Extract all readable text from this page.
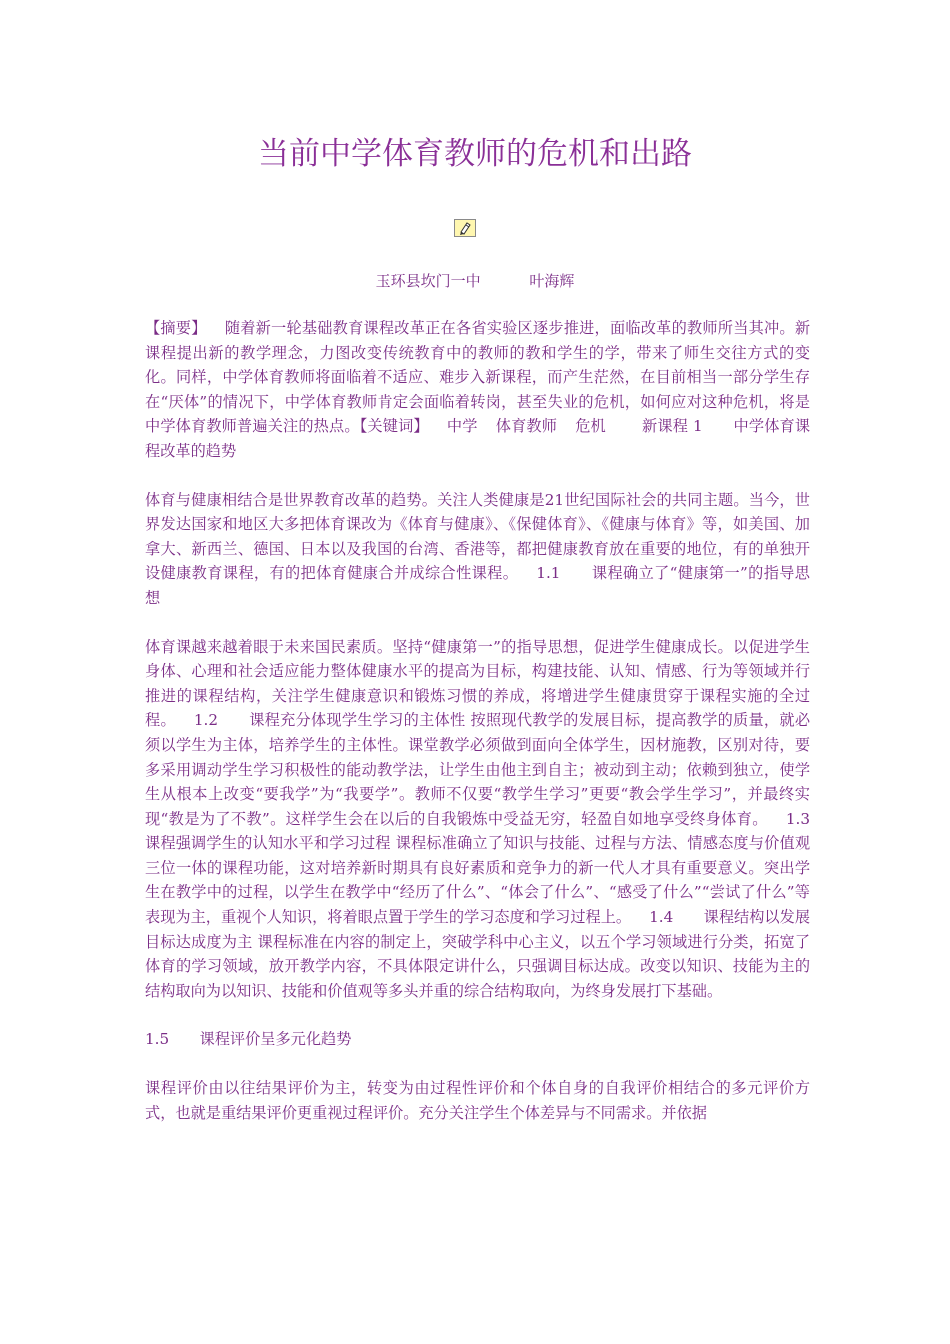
当前中学体育教师的危机和出路
玉环县坎门一中	叶海辉

【摘要】 随着新一轮基础教育课程改革正在各省实验区逐步推进，面临改革的教师所当其冲。新课程提出新的教学理念，力图改变传统教育中的教师的教和学生的学，带来了师生交往方式的变化。同样，中学体育教师将面临着不适应、难步入新课程，而产生茫然，在目前相当一部分学生存在“厌体”的情况下，中学体育教师肯定会面临着转岗，甚至失业的危机，如何应对这种危机，将是中学体育教师普遍关注的热点。【关键词】 中学 体育教师 危机 新课程 1　　中学体育课程改革的趋势

体育与健康相结合是世界教育改革的趋势。关注人类健康是21世纪国际社会的共同主题。当今，世界发达国家和地区大多把体育课改为《体育与健康》、《保健体育》、《健康与体育》等，如美国、加拿大、新西兰、德国、日本以及我国的台湾、香港等，都把健康教育放在重要的地位，有的单独开设健康教育课程，有的把体育健康合并成综合性课程。 1.1　　课程确立了“健康第一”的指导思想

体育课越来越着眼于未来国民素质。坚持“健康第一”的指导思想，促进学生健康成长。以促进学生身体、心理和社会适应能力整体健康水平的提高为目标，构建技能、认知、情感、行为等领域并行推进的课程结构，关注学生健康意识和锻炼习惯的养成，将增进学生健康贯穿于课程实施的全过程。 1.2　　课程充分体现学生学习的主体性 按照现代教学的发展目标，提高教学的质量，就必须以学生为主体，培养学生的主体性。课堂教学必须做到面向全体学生，因材施教，区别对待，要多采用调动学生学习积极性的能动教学法，让学生由他主到自主；被动到主动；依赖到独立，使学生从根本上改变“要我学”为“我要学”。教师不仅要“教学生学习”更要“教会学生学习”，并最终实现“教是为了不教”。这样学生会在以后的自我锻炼中受益无穷，轻盈自如地享受终身体育。 1.3　　课程强调学生的认知水平和学习过程 课程标准确立了知识与技能、过程与方法、情感态度与价值观三位一体的课程功能，这对培养新时期具有良好素质和竞争力的新一代人才具有重要意义。突出学生在教学中的过程，以学生在教学中“经历了什么”、“体会了什么”、“感受了什么”“尝试了什么”等表现为主，重视个人知识，将着眼点置于学生的学习态度和学习过程上。 1.4　　课程结构以发展目标达成度为主 课程标准在内容的制定上，突破学科中心主义，以五个学习领域进行分类，拓宽了体育的学习领域，放开教学内容，不具体限定讲什么，只强调目标达成。改变以知识、技能为主的结构取向为以知识、技能和价值观等多头并重的综合结构取向，为终身发展打下基础。

1.5　　课程评价呈多元化趋势

课程评价由以往结果评价为主，转变为由过程性评价和个体自身的自我评价相结合的多元评价方式，也就是重结果评价更重视过程评价。充分关注学生个体差异与不同需求。并依据
